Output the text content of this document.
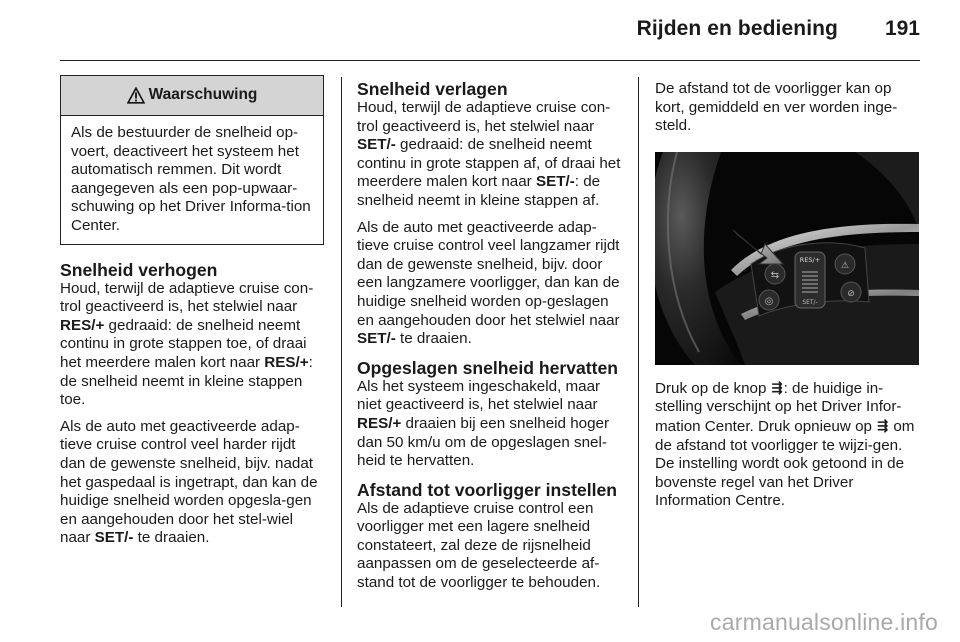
Rijden en bediening 191
Waarschuwing
Als de bestuurder de snelheid op-voert, deactiveert het systeem het automatisch remmen. Dit wordt aangegeven als een pop-upwaar-schuwing op het Driver Informa-tion Center.
Snelheid verhogen

Houd, terwijl de adaptieve cruise con-trol geactiveerd is, het stelwiel naar RES/+ gedraaid: de snelheid neemt continu in grote stappen toe, of draai het meerdere malen kort naar RES/+: de snelheid neemt in kleine stappen toe.

Als de auto met geactiveerde adap-tieve cruise control veel harder rijdt dan de gewenste snelheid, bijv. nadat het gaspedaal is ingetrapt, dan kan de huidige snelheid worden opgesla-gen en aangehouden door het stel-wiel naar SET/- te draaien.

Snelheid verlagen

Houd, terwijl de adaptieve cruise con-trol geactiveerd is, het stelwiel naar SET/- gedraaid: de snelheid neemt continu in grote stappen af, of draai het meerdere malen kort naar SET/-: de snelheid neemt in kleine stappen af.

Als de auto met geactiveerde adap-tieve cruise control veel langzamer rijdt dan de gewenste snelheid, bijv. door een langzamere voorligger, dan kan de huidige snelheid worden op-geslagen en aangehouden door het stelwiel naar SET/- te draaien.

Opgeslagen snelheid hervatten

Als het systeem ingeschakeld, maar niet geactiveerd is, het stelwiel naar RES/+ draaien bij een snelheid hoger dan 50 km/u om de opgeslagen snel-heid te hervatten.

Afstand tot voorligger instellen

Als de adaptieve cruise control een voorligger met een lagere snelheid constateert, zal deze de rijsnelheid aanpassen om de geselecteerde af-stand tot de voorligger te behouden.

De afstand tot de voorligger kan op kort, gemiddeld en ver worden inge-steld.

⇆
◎
RES/+
SET/-
⚠
⊘

Druk op de knop ⇶: de huidige in-stelling verschijnt op het Driver Infor-mation Center. Druk opnieuw op ⇶ om de afstand tot voorligger te wijzi-gen. De instelling wordt ook getoond in de bovenste regel van het Driver Information Centre.

carmanualsonline.info
